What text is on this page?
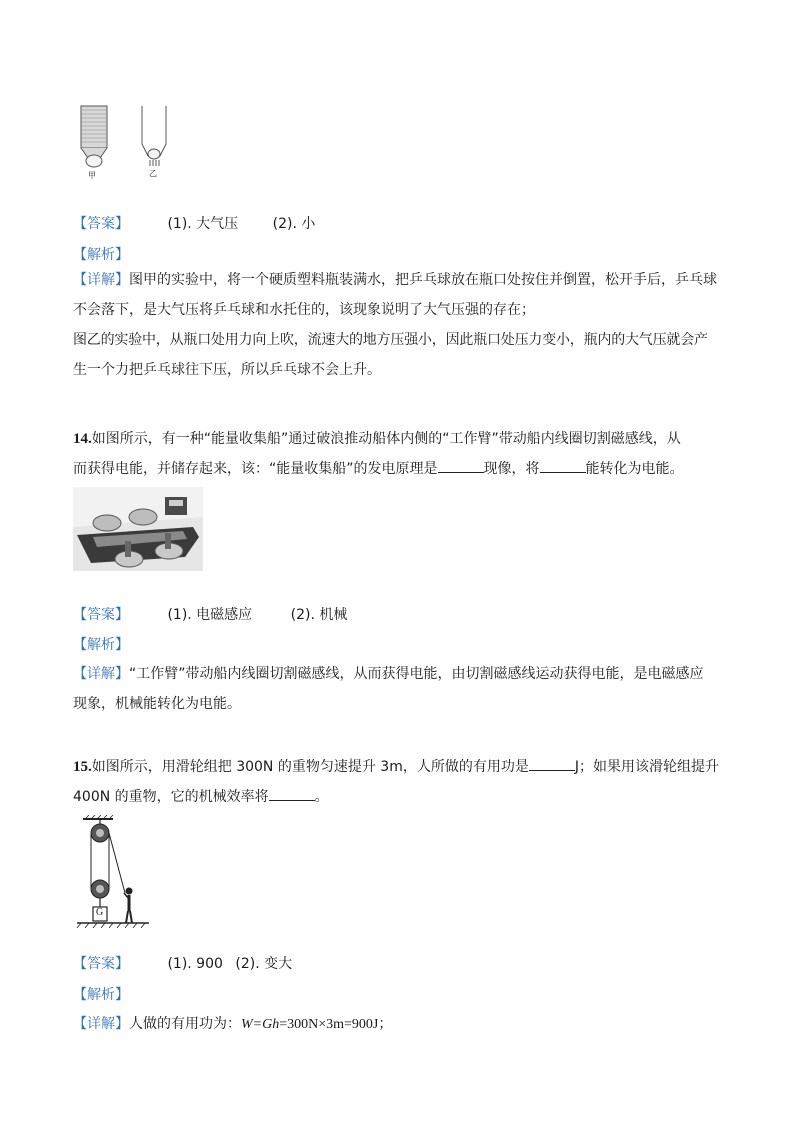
甲	乙
【答案】	(1). 大气压 (2). 小
【解析】
【详解】图甲的实验中，将一个硬质塑料瓶装满水，把乒乓球放在瓶口处按住并倒置，松开手后，乒乓球
不会落下，是大气压将乒乓球和水托住的，该现象说明了大气压强的存在；
图乙的实验中，从瓶口处用力向上吹，流速大的地方压强小，因此瓶口处压力变小，瓶内的大气压就会产
生一个力把乒乓球往下压，所以乒乓球不会上升。
14.如图所示，有一种“能量收集船”通过破浪推动船体内侧的“工作臂”带动船内线圈切割磁感线，从
而获得电能，并储存起来，该：“能量收集船”的发电原理是	现像，将	能转化为电能。
【答案】	(1). 电磁感应	(2). 机械
【解析】
【详解】“工作臂”带动船内线圈切割磁感线，从而获得电能，由切割磁感线运动获得电能，是电磁感应
现象，机械能转化为电能。
15.如图所示，用滑轮组把 300N 的重物匀速提升 3m，人所做的有用功是	J；如果用该滑轮组提升
400N 的重物，它的机械效率将	。
G
【答案】	(1). 900 (2). 变大
【解析】
【详解】人做的有用功为：W=Gh=300N×3m=900J；
